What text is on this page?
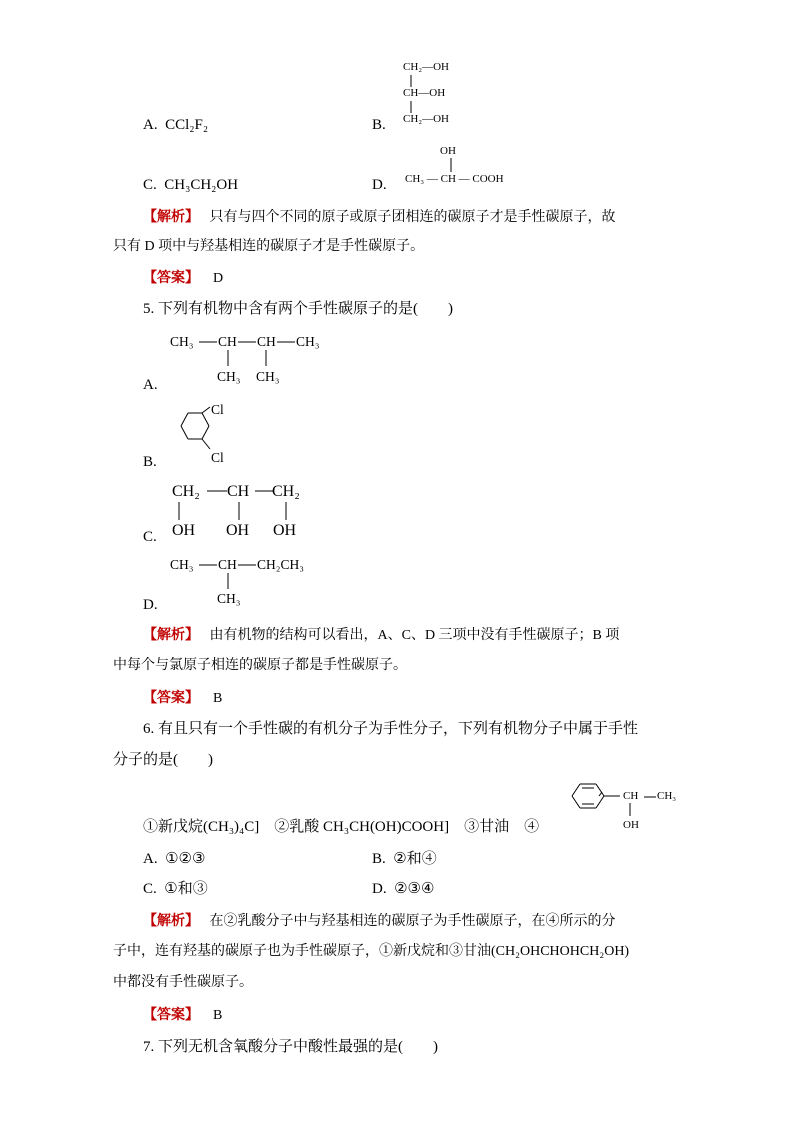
A. CCl₂F₂	B.
CH₂—OH
CH—OH
CH₂—OH
C. CH₃CH₂OH	D.
OH
CH₃ — CH — COOH
【解析】 只有与四个不同的原子或原子团相连的碳原子才是手性碳原子，故
只有 D 项中与羟基相连的碳原子才是手性碳原子。
【答案】 D
5. 下列有机物中含有两个手性碳原子的是(　　)
A.
CH₃ CH CH CH₃
CH₃ CH₃
B.
Cl
Cl
C.
CH₂ CH CH₂
OH OH OH
D.
CH₃ CH CH₂CH₃
CH₃
【解析】 由有机物的结构可以看出，A、C、D 三项中没有手性碳原子；B 项
中每个与氯原子相连的碳原子都是手性碳原子。
【答案】 B
6. 有且只有一个手性碳的有机分子为手性分子，下列有机物分子中属于手性
分子的是(　　)
①新戊烷(CH₃)₄C]　②乳酸 CH₃CH(OH)COOH]　③甘油　④
CH CH₃
OH
A. ①②③	B. ②和④
C. ①和③	D. ②③④
【解析】 在②乳酸分子中与羟基相连的碳原子为手性碳原子，在④所示的分
子中，连有羟基的碳原子也为手性碳原子，①新戊烷和③甘油(CH₂OHCHOHCH₂OH)
中都没有手性碳原子。
【答案】 B
7. 下列无机含氧酸分子中酸性最强的是(　　)
